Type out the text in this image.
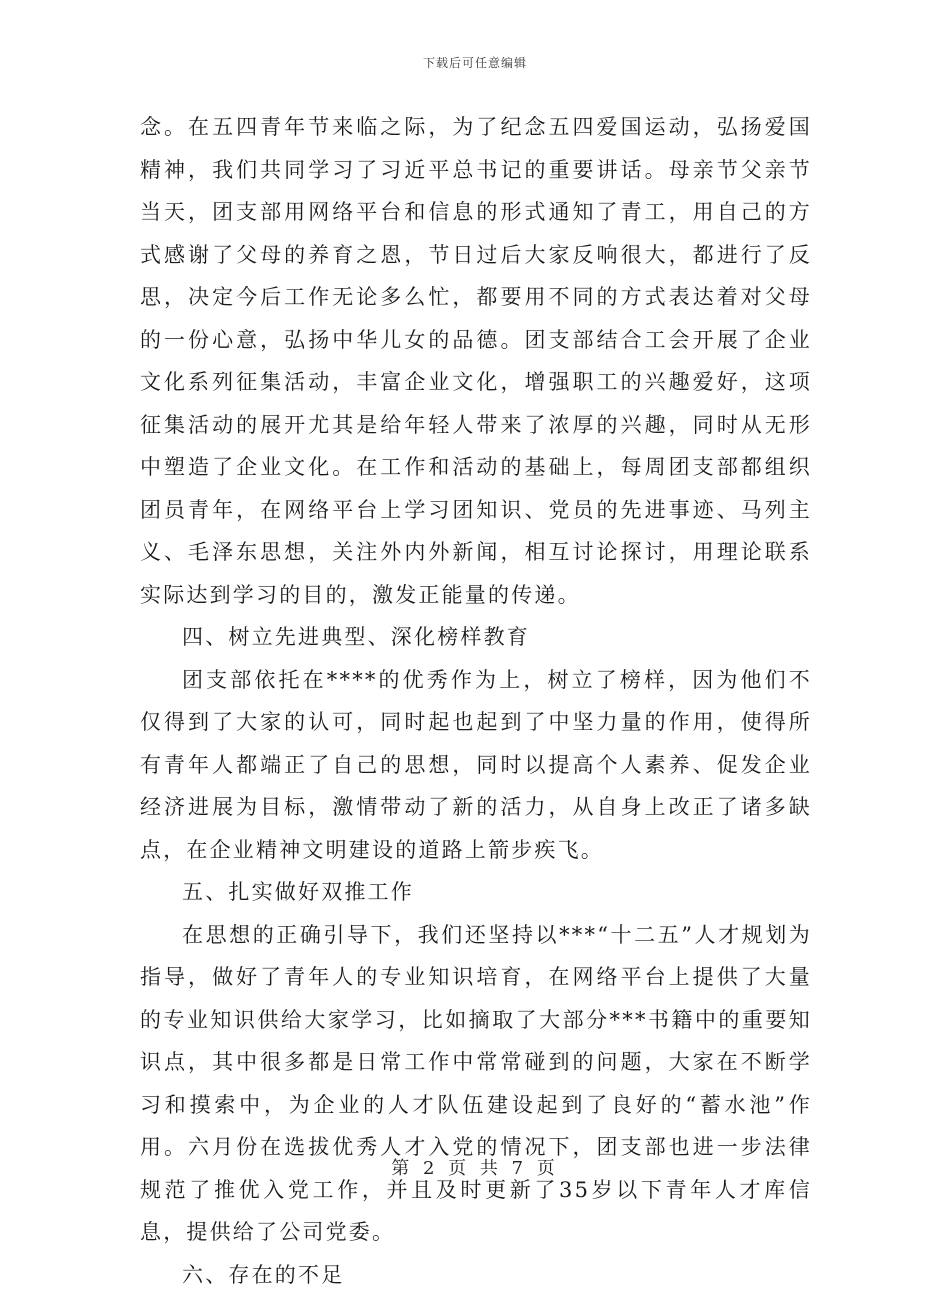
下载后可任意编辑

念。在五四青年节来临之际，为了纪念五四爱国运动，弘扬爱国精神，我们共同学习了习近平总书记的重要讲话。母亲节父亲节当天，团支部用网络平台和信息的形式通知了青工，用自己的方式感谢了父母的养育之恩，节日过后大家反响很大，都进行了反思，决定今后工作无论多么忙，都要用不同的方式表达着对父母的一份心意，弘扬中华儿女的品德。团支部结合工会开展了企业文化系列征集活动，丰富企业文化，增强职工的兴趣爱好，这项征集活动的展开尤其是给年轻人带来了浓厚的兴趣，同时从无形中塑造了企业文化。在工作和活动的基础上，每周团支部都组织团员青年，在网络平台上学习团知识、党员的先进事迹、马列主义、毛泽东思想，关注外内外新闻，相互讨论探讨，用理论联系实际达到学习的目的，激发正能量的传递。

四、树立先进典型、深化榜样教育

团支部依托在****的优秀作为上，树立了榜样，因为他们不仅得到了大家的认可，同时起也起到了中坚力量的作用，使得所有青年人都端正了自己的思想，同时以提高个人素养、促发企业经济进展为目标，激情带动了新的活力，从自身上改正了诸多缺点，在企业精神文明建设的道路上箭步疾飞。

五、扎实做好双推工作

在思想的正确引导下，我们还坚持以***“十二五”人才规划为指导，做好了青年人的专业知识培育，在网络平台上提供了大量的专业知识供给大家学习，比如摘取了大部分***书籍中的重要知识点，其中很多都是日常工作中常常碰到的问题，大家在不断学习和摸索中，为企业的人才队伍建设起到了良好的“蓄水池”作用。六月份在选拔优秀人才入党的情况下，团支部也进一步法律规范了推优入党工作，并且及时更新了35岁以下青年人才库信息，提供给了公司党委。

六、存在的不足

第 2 页 共 7 页
